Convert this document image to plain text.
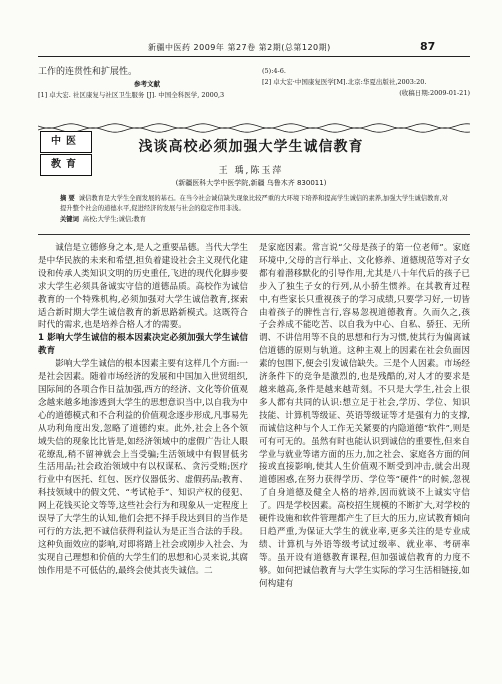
新疆中医药 2009年 第27卷 第2期(总第120期)	87
工作的连贯性和扩展性。
参考文献
[1] 卓大宏. 社区康复与社区卫生服务 [J]. 中国全科医学, 2000,3
(5):4-6.
[2] 卓大宏·中国康复医学[M].北京:华夏出版社,2003:20.
(收稿日期:2009-01-21)
中医
教育
浅谈高校必须加强大学生诚信教育
王 瑀,陈玉萍
(新疆医科大学中医学院,新疆 乌鲁木齐 830011)
摘 要 诚信教育是大学生全面发展的基石。在当今社会诚信缺失现象比较严重的大环境下培养和提高学生诚信的素养,加强大学生诚信教育,对提升整个社会的道德水平,促进经济的发展与社会的稳定作用非浅。
关键词 高校;大学生;诚信;教育

诚信是立德修身之本,是人之重要品德。当代大学生是中华民族的未来和希望,担负着建设社会主义现代化建设和传承人类知识文明的历史重任,飞进的现代化脚步要求大学生必须具备诚实守信的道德品质。高校作为诚信教育的一个特殊机构,必须加强对大学生诚信教育,探索适合新时期大学生诚信教育的新思路新模式。这既符合时代的需求,也是培养合格人才的需要。

1 影响大学生诚信的根本因素决定必须加强大学生诚信教育

影响大学生诚信的根本因素主要有这样几个方面:一是社会因素。随着市场经济的发展和中国加入世贸组织,国际间的各项合作日益加强,西方的经济、文化等价值观念越来越多地渗透到大学生的思想意识当中,以自我为中心的道德模式和不合利益的价值观念逐步形成,凡事易先从功利角度出发,忽略了道德约束。此外,社会上各个领域失信的现象比比皆是,如经济领域中的虚假广告让人眼花缭乱,稍不留神就会上当受骗;生活领域中有假冒低劣生活用品;社会政治领域中有以权谋私、贪污受贿;医疗行业中有医托、红包、医疗仪器低劣、虚假药品;教育、科技领域中的假文凭、“考试枪手”、知识产权的侵犯、网上花钱买论文等等,这些社会行为和现象从一定程度上误导了大学生的认知,他们会把不择手段达到目的当作是可行的方法,把不诚信获得利益认为是正当合法的手段。这种负面效应的影响,对即将踏上社会或刚步入社会、为实现自己理想和价值的大学生们的思想和心灵来说,其腐蚀作用是不可低估的,最终会使其丧失诚信。二

是家庭因素。常言说“父母是孩子的第一位老师”。家庭环境中,父母的言行举止、文化修养、道德规范等对子女都有着潜移默化的引导作用,尤其是八十年代后的孩子已步入了独生子女的行列,从小骄生惯养。在其教育过程中,有些家长只重视孩子的学习成绩,只要学习好,一切皆由着孩子的脾性言行,容易忽视道德教育。久而久之,孩子会养成不能吃苦、以自我为中心、自私、骄狂、无所谓、不讲信用等不良的思想和行为习惯,使其行为偏离诚信道德的原则与轨道。这种主观上的因素在社会负面因素的包围下,便会引发诚信缺失。三是个人因素。市场经济条件下的竞争是激烈的,也是残酷的,对人才的要求是越来越高,条件是越来越苛刻。不只是大学生,社会上很多人都有共同的认识:想立足于社会,学历、学位、知识技能、计算机等级证、英语等级证等才是强有力的支撑,而诚信这种与个人工作无关紧要的内隐道德“软件”,则是可有可无的。虽然有时也能认识到诚信的重要性,但来自学业与就业等诸方面的压力,加之社会、家庭各方面的间接或直接影响,使其人生价值观不断受到冲击,就会出现道德困惑,在努力获得学历、学位等“硬件”的时候,忽视了自身道德及健全人格的培养,因而就谈不上诚实守信了。四是学校因素。高校招生规模的不断扩大,对学校的硬件设施和软件管理都产生了巨大的压力,应试教育倾向日趋严重,为保证大学生的就业率,更多关注的是专业成绩、计算机与外语等级考试过级率、就业率、考研率等。虽开设有道德教育课程,但加强诚信教育的力度不够。如何把诚信教育与大学生实际的学习生活相链接,如何构建有
